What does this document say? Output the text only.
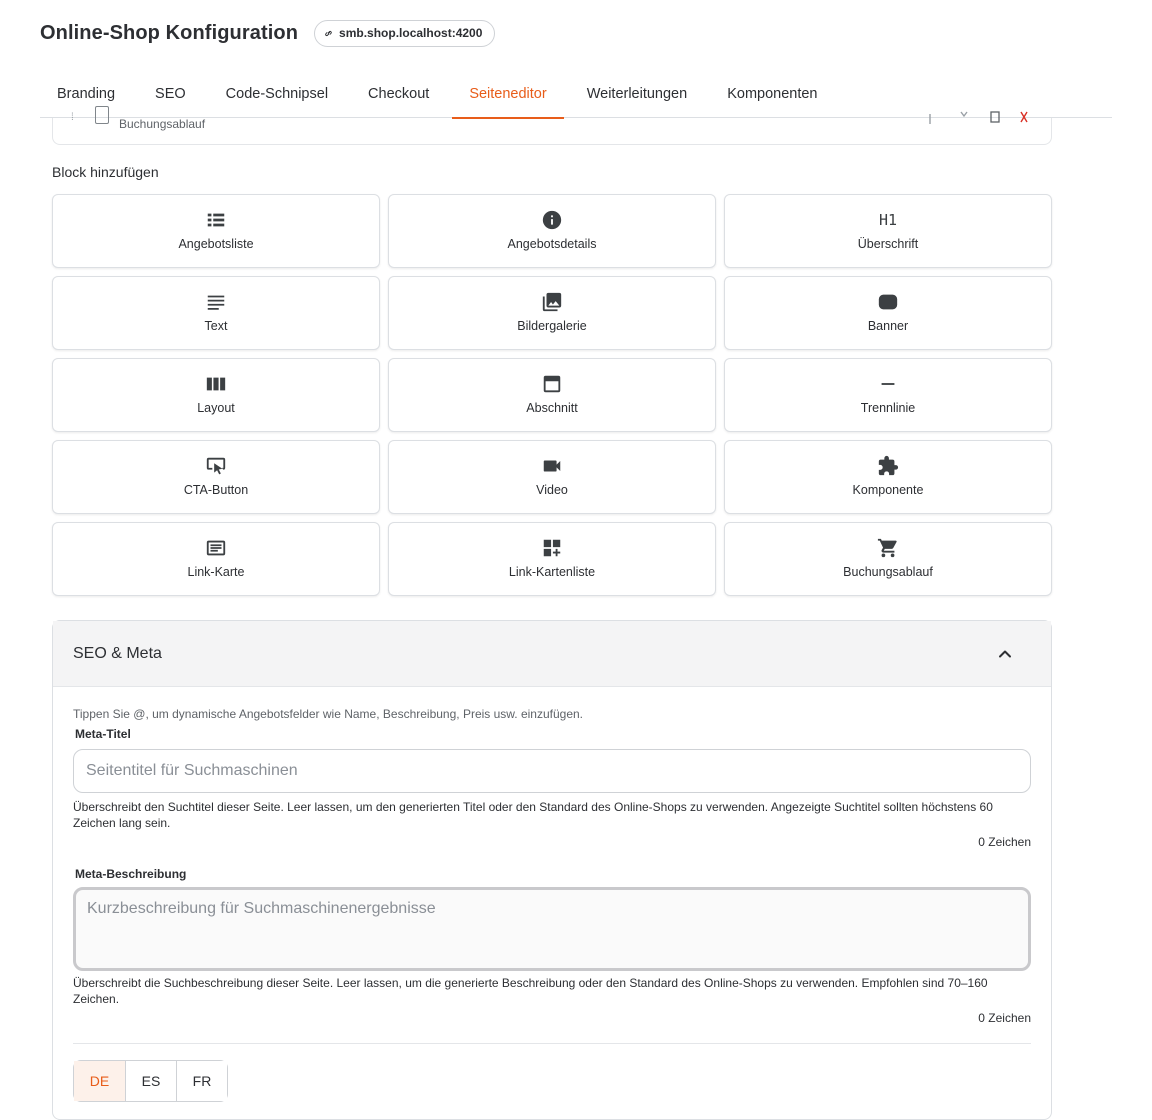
Online-Shop Konfiguration	smb.shop.localhost:4200
Branding	SEO	Code-Schnipsel	Checkout	Seiteneditor	Weiterleitungen	Komponenten
⁞	Buchungsablauf
Block hinzufügen
Angebotsliste	Angebotsdetails
H1
Überschrift
Text	Bildergalerie	Banner
Layout	Abschnitt	Trennlinie
CTA-Button	Video	Komponente
Link-Karte	Link-Kartenliste	Buchungsablauf
SEO & Meta
Tippen Sie @, um dynamische Angebotsfelder wie Name, Beschreibung, Preis usw. einzufügen.
Meta-Titel
Seitentitel für Suchmaschinen
Überschreibt den Suchtitel dieser Seite. Leer lassen, um den generierten Titel oder den Standard des Online-Shops zu verwenden. Angezeigte Suchtitel sollten höchstens 60 Zeichen lang sein.
0 Zeichen
Meta-Beschreibung
Kurzbeschreibung für Suchmaschinenergebnisse
Überschreibt die Suchbeschreibung dieser Seite. Leer lassen, um die generierte Beschreibung oder den Standard des Online-Shops zu verwenden. Empfohlen sind 70–160 Zeichen.
0 Zeichen
DE	ES	FR
